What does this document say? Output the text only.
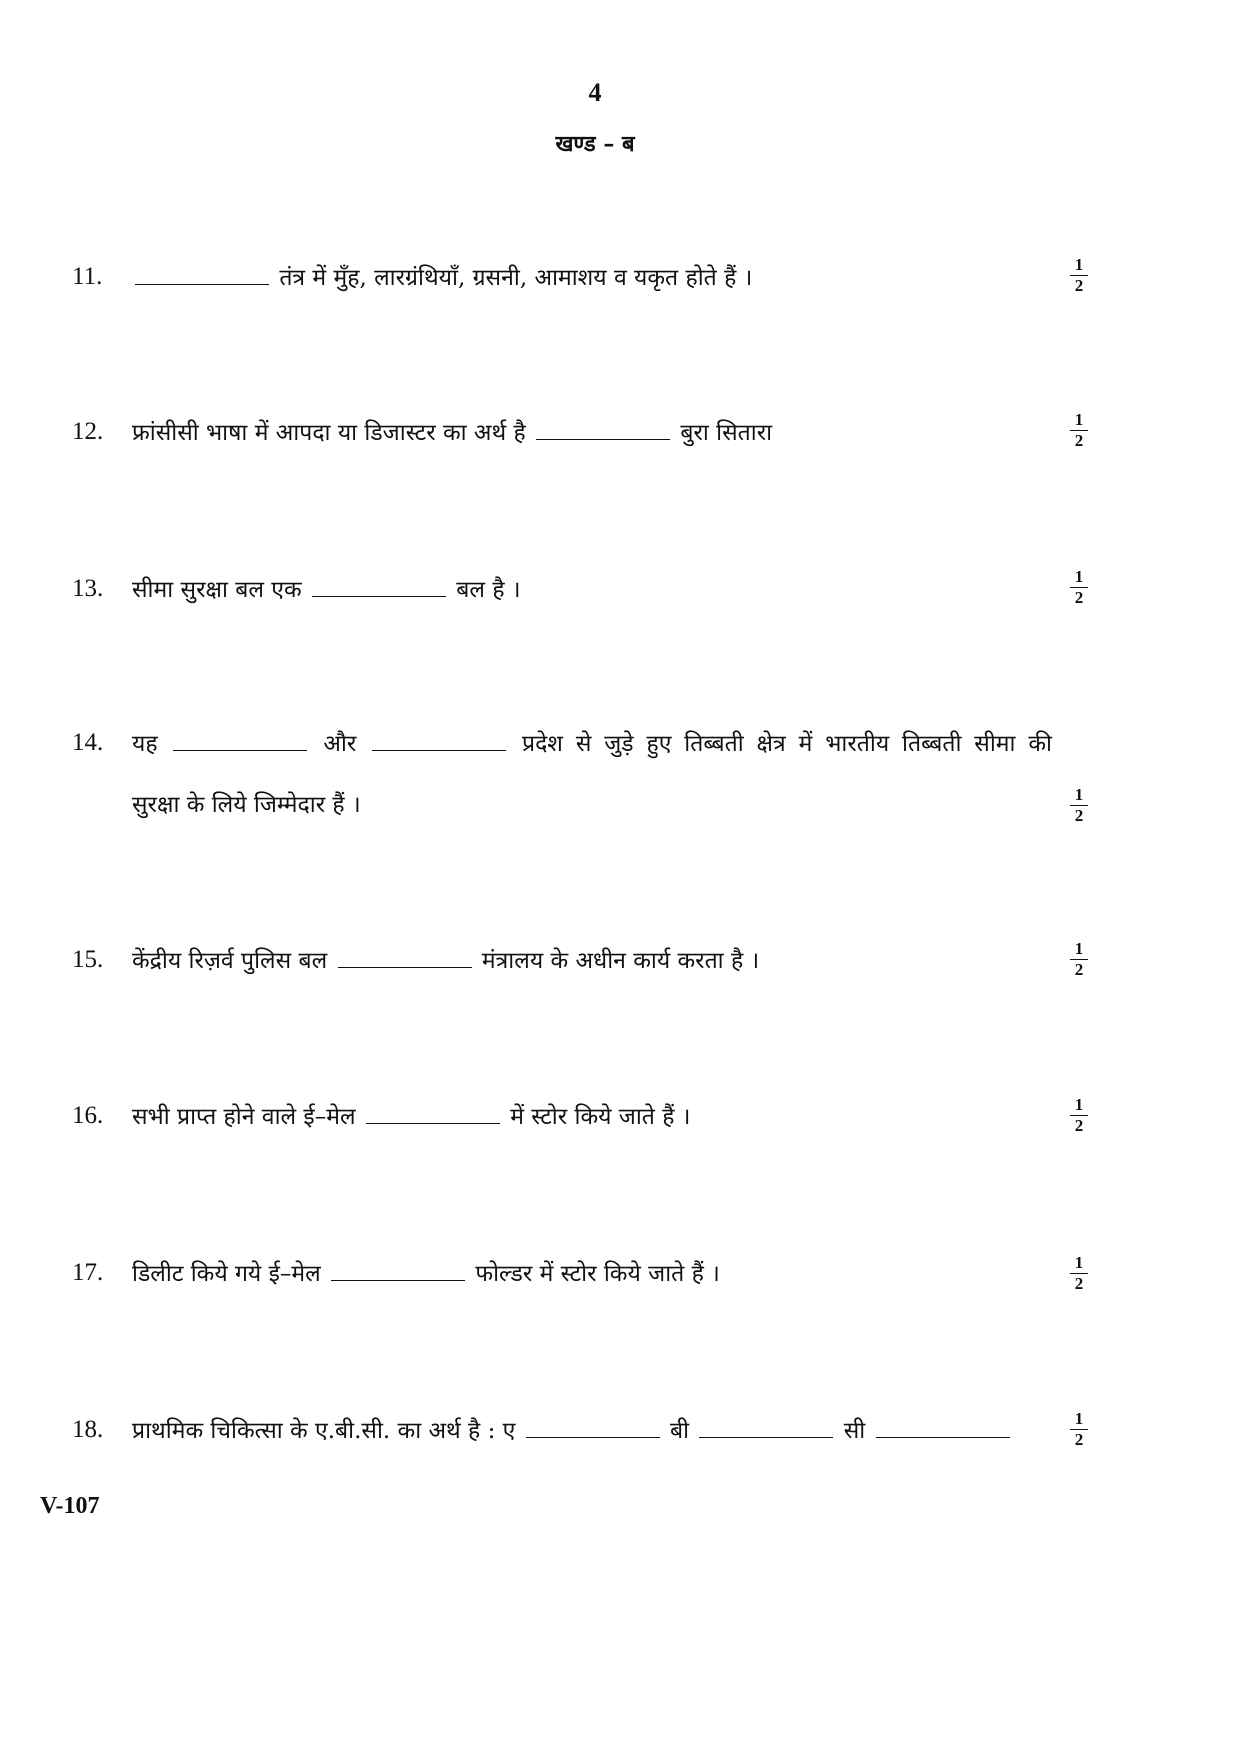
4
खण्ड – ब
11.	तंत्र में मुँह, लारग्रंथियाँ, ग्रसनी, आमाशय व यकृत होते हैं ।
1
2
12. फ्रांसीसी भाषा में आपदा या डिजास्टर का अर्थ है	बुरा सितारा
1
2
13. सीमा सुरक्षा बल एक	बल है ।
1
2
14. यह	और	प्रदेश से जुड़े हुए तिब्बती क्षेत्र में भारतीय तिब्बती सीमा की
सुरक्षा के लिये जिम्मेदार हैं ।	1
2
15. केंद्रीय रिज़र्व पुलिस बल	मंत्रालय के अधीन कार्य करता है ।	1
2
16. सभी प्राप्त होने वाले ई–मेल	में स्टोर किये जाते हैं ।	1
2
17. डिलीट किये गये ई–मेल	फोल्डर में स्टोर किये जाते हैं ।	1
2
18. प्राथमिक चिकित्सा के ए.बी.सी. का अर्थ है : ए	बी	सी	1
2
V-107
